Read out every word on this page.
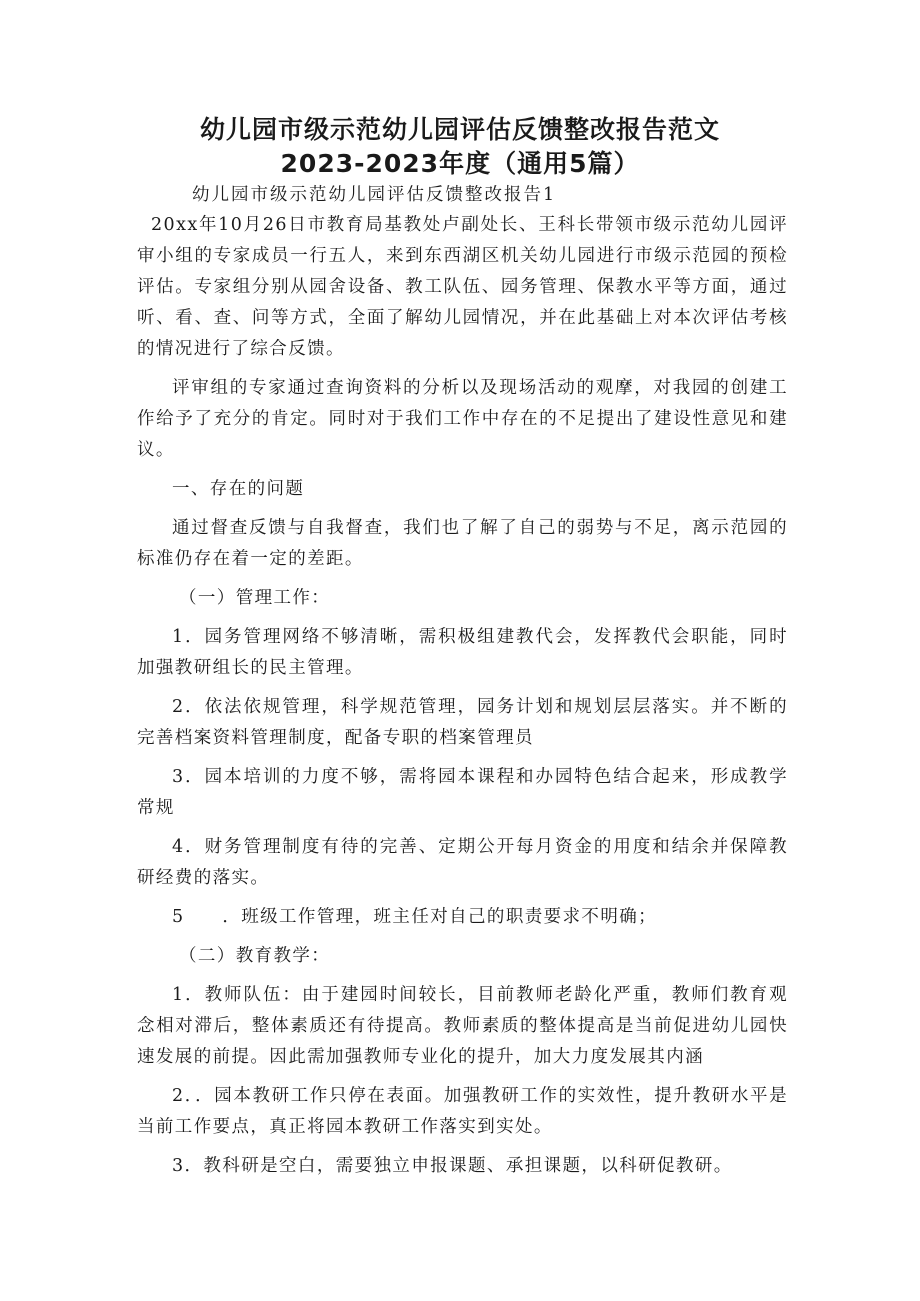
幼儿园市级示范幼儿园评估反馈整改报告范文
2023-2023年度（通用5篇）

幼儿园市级示范幼儿园评估反馈整改报告1

20xx年10月26日市教育局基教处卢副处长、王科长带领市级示范幼儿园评审小组的专家成员一行五人，来到东西湖区机关幼儿园进行市级示范园的预检评估。专家组分别从园舍设备、教工队伍、园务管理、保教水平等方面，通过听、看、查、问等方式，全面了解幼儿园情况，并在此基础上对本次评估考核的情况进行了综合反馈。

评审组的专家通过查询资料的分析以及现场活动的观摩，对我园的创建工作给予了充分的肯定。同时对于我们工作中存在的不足提出了建设性意见和建议。

一、存在的问题

通过督查反馈与自我督查，我们也了解了自己的弱势与不足，离示范园的标准仍存在着一定的差距。

（一）管理工作：

1．园务管理网络不够清晰，需积极组建教代会，发挥教代会职能，同时加强教研组长的民主管理。

2．依法依规管理，科学规范管理，园务计划和规划层层落实。并不断的完善档案资料管理制度，配备专职的档案管理员

3．园本培训的力度不够，需将园本课程和办园特色结合起来，形成教学常规

4．财务管理制度有待的完善、定期公开每月资金的用度和结余并保障教研经费的落实。

5　　．班级工作管理，班主任对自己的职责要求不明确；

（二）教育教学：

1．教师队伍：由于建园时间较长，目前教师老龄化严重，教师们教育观念相对滞后，整体素质还有待提高。教师素质的整体提高是当前促进幼儿园快速发展的前提。因此需加强教师专业化的提升，加大力度发展其内涵

2．．园本教研工作只停在表面。加强教研工作的实效性，提升教研水平是当前工作要点，真正将园本教研工作落实到实处。

3．教科研是空白，需要独立申报课题、承担课题，以科研促教研。
